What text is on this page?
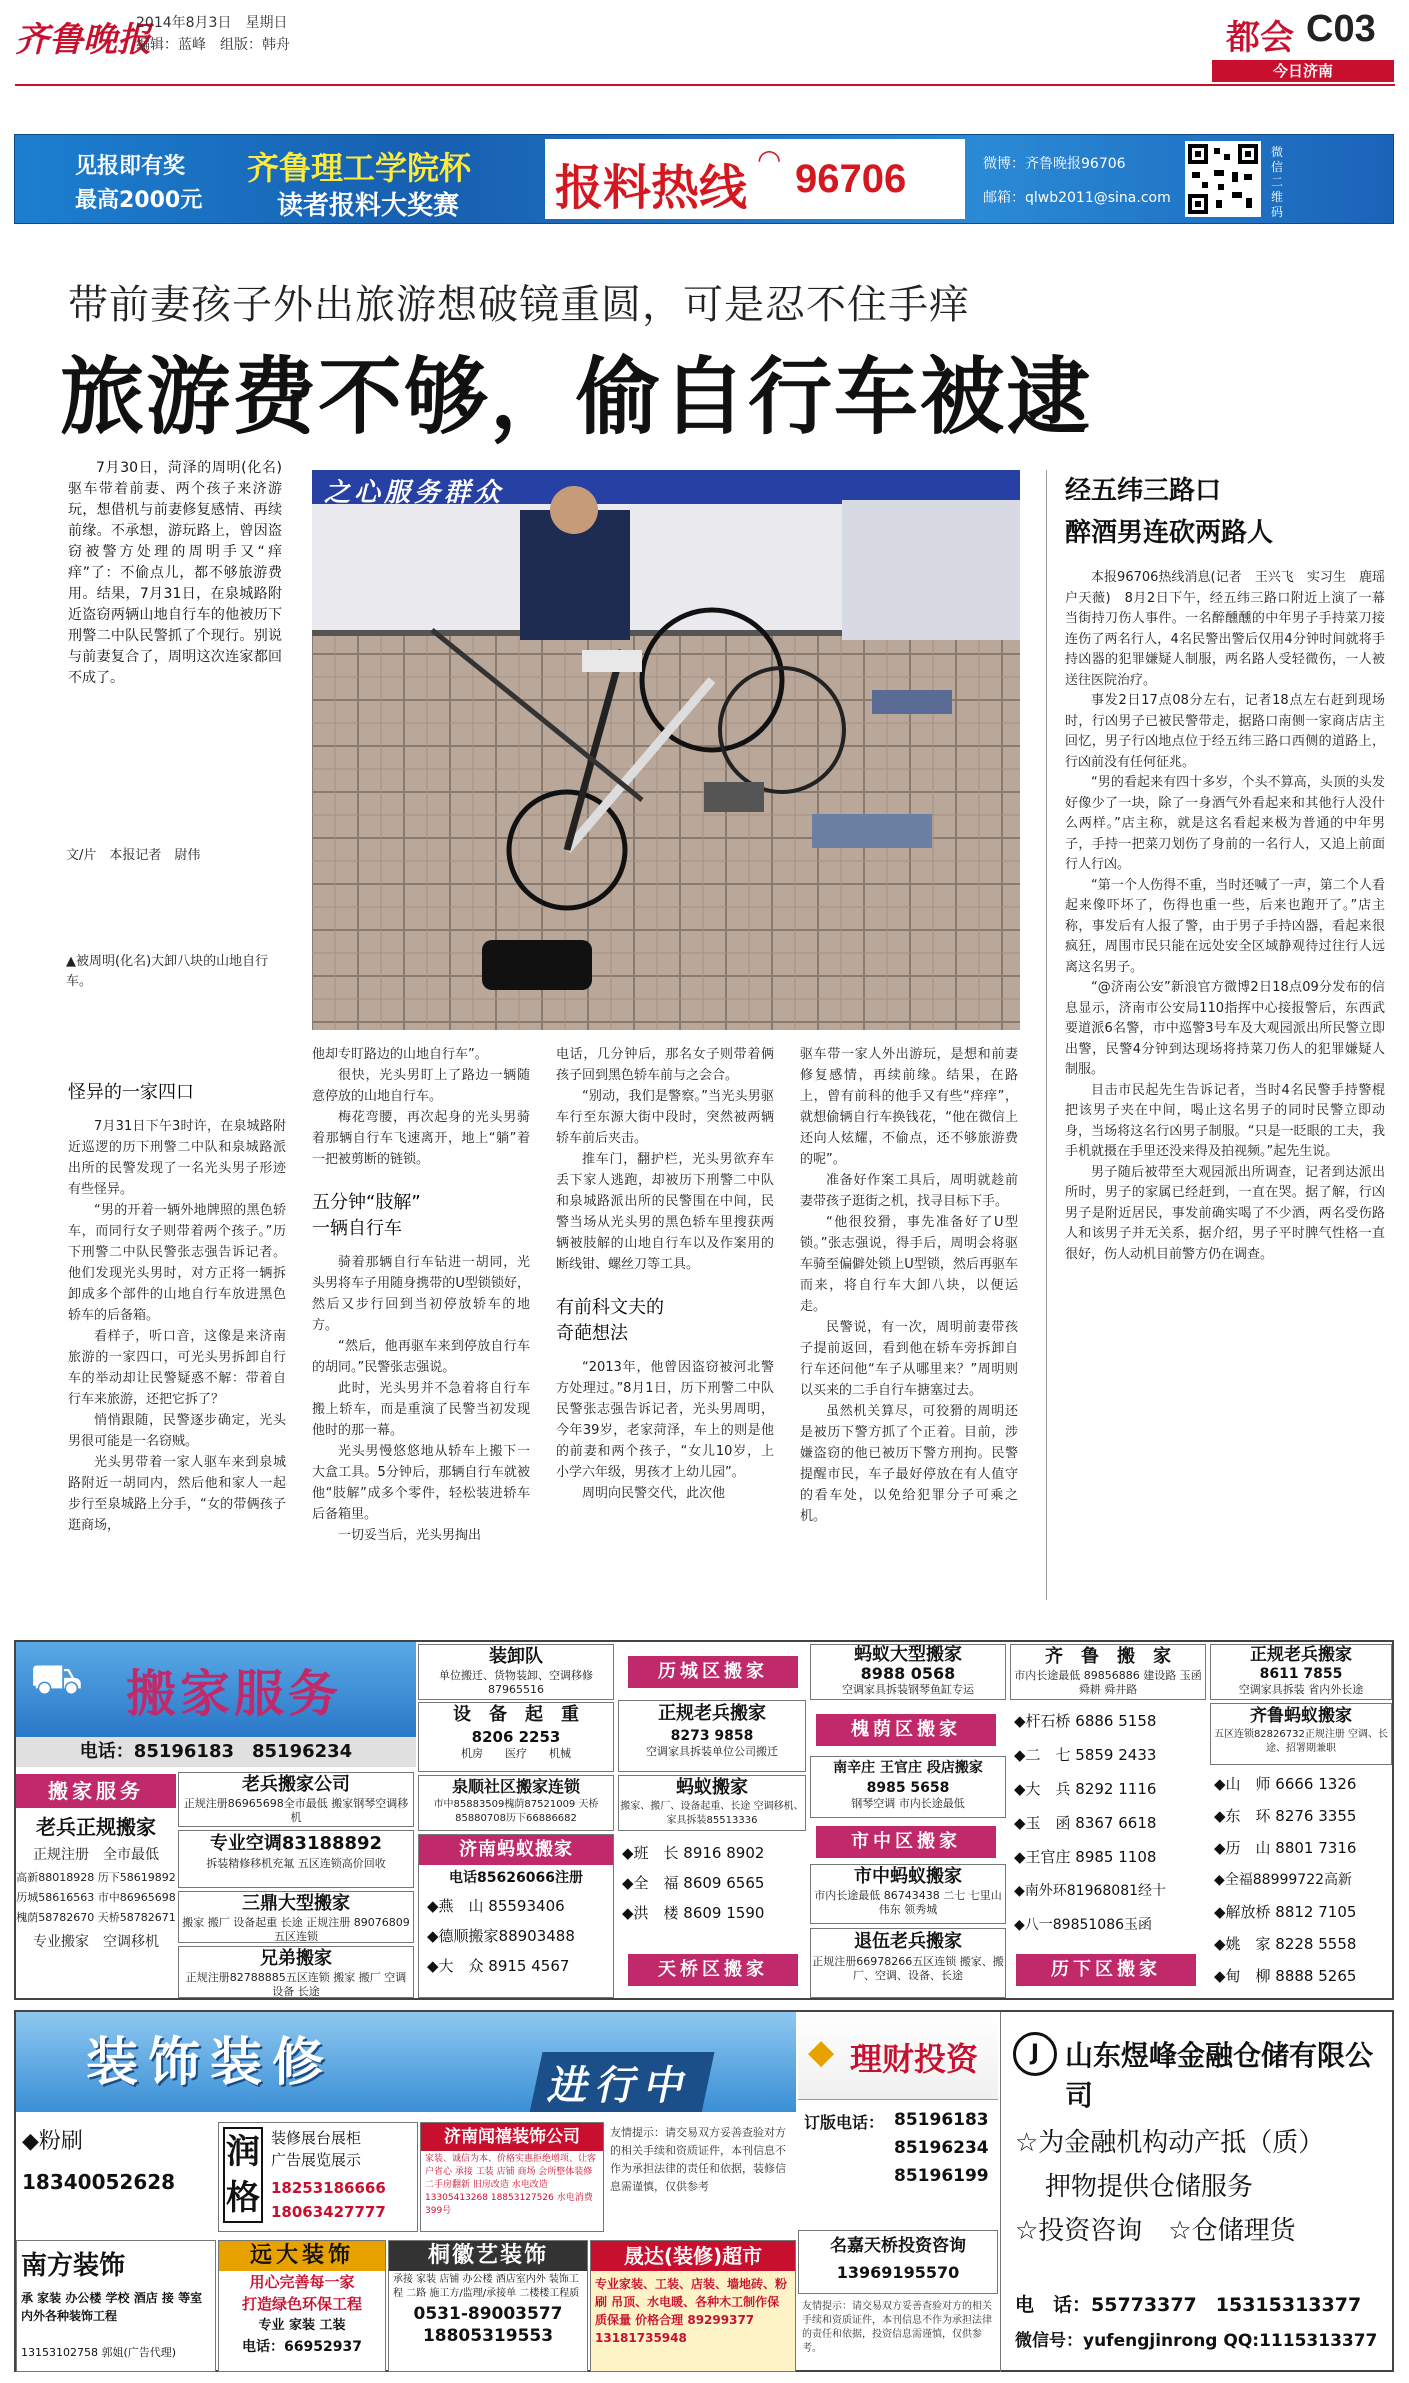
齐鲁晚报
2014年8月3日　星期日
编辑：蓝峰　组版：韩舟	都会 C03
今日济南
见报即有奖
最高2000元
齐鲁理工学院杯
读者报料大奖赛 报料热线
◠ 96706	微博：齐鲁晚报96706
邮箱：qlwb2011@sina.com
微信二维码
带前妻孩子外出旅游想破镜重圆，可是忍不住手痒
旅游费不够，偷自行车被逮
7月30日，菏泽的周明(化名)驱车带着前妻、两个孩子来济游玩，想借机与前妻修复感情、再续前缘。不承想，游玩路上，曾因盗窃被警方处理的周明手又“痒痒”了：不偷点儿，都不够旅游费用。结果，7月31日，在泉城路附近盗窃两辆山地自行车的他被历下刑警二中队民警抓了个现行。别说与前妻复合了，周明这次连家都回不成了。
文/片　本报记者　尉伟
▲被周明(化名)大卸八块的山地自行车。
之心服务群众
怪异的一家四口

7月31日下午3时许，在泉城路附近巡逻的历下刑警二中队和泉城路派出所的民警发现了一名光头男子形迹有些怪异。

“男的开着一辆外地牌照的黑色轿车，而同行女子则带着两个孩子。”历下刑警二中队民警张志强告诉记者。他们发现光头男时，对方正将一辆拆卸成多个部件的山地自行车放进黑色轿车的后备箱。

看样子，听口音，这像是来济南旅游的一家四口，可光头男拆卸自行车的举动却让民警疑惑不解：带着自行车来旅游，还把它拆了？

悄悄跟随，民警逐步确定，光头男很可能是一名窃贼。

光头男带着一家人驱车来到泉城路附近一胡同内，然后他和家人一起步行至泉城路上分手，“女的带俩孩子逛商场，

他却专盯路边的山地自行车”。

很快，光头男盯上了路边一辆随意停放的山地自行车。

梅花弯腰，再次起身的光头男骑着那辆自行车飞速离开，地上“躺”着一把被剪断的链锁。

五分钟“肢解”
一辆自行车

骑着那辆自行车钻进一胡同，光头男将车子用随身携带的U型锁锁好，然后又步行回到当初停放轿车的地方。

“然后，他再驱车来到停放自行车的胡同。”民警张志强说。

此时，光头男并不急着将自行车搬上轿车，而是重演了民警当初发现他时的那一幕。

光头男慢悠悠地从轿车上搬下一大盒工具。5分钟后，那辆自行车就被他“肢解”成多个零件，轻松装进轿车后备箱里。

一切妥当后，光头男掏出

电话，几分钟后，那名女子则带着俩孩子回到黑色轿车前与之会合。

“别动，我们是警察。”当光头男驱车行至东源大街中段时，突然被两辆轿车前后夹击。

推车门，翻护栏，光头男欲弃车丢下家人逃跑，却被历下刑警二中队和泉城路派出所的民警围在中间，民警当场从光头男的黑色轿车里搜获两辆被肢解的山地自行车以及作案用的断线钳、螺丝刀等工具。

有前科文夫的
奇葩想法

“2013年，他曾因盗窃被河北警方处理过。”8月1日，历下刑警二中队民警张志强告诉记者，光头男周明，今年39岁，老家菏泽，车上的则是他的前妻和两个孩子，“女儿10岁，上小学六年级，男孩才上幼儿园”。

周明向民警交代，此次他

驱车带一家人外出游玩，是想和前妻修复感情，再续前缘。结果，在路上，曾有前科的他手又有些“痒痒”，就想偷辆自行车换钱花，“他在微信上还向人炫耀，不偷点，还不够旅游费的呢”。

准备好作案工具后，周明就趁前妻带孩子逛街之机，找寻目标下手。

“他很狡猾，事先准备好了U型锁。”张志强说，得手后，周明会将驱车骑至偏僻处锁上U型锁，然后再驱车而来，将自行车大卸八块，以便运走。

民警说，有一次，周明前妻带孩子提前返回，看到他在轿车旁拆卸自行车还问他“车子从哪里来？”周明则以买来的二手自行车搪塞过去。

虽然机关算尽，可狡猾的周明还是被历下警方抓了个正着。目前，涉嫌盗窃的他已被历下警方刑拘。民警提醒市民，车子最好停放在有人值守的看车处，以免给犯罪分子可乘之机。

经五纬三路口
醉酒男连砍两路人

本报96706热线消息(记者　王兴飞　实习生　鹿瑶　户天薇)　8月2日下午，经五纬三路口附近上演了一幕当街持刀伤人事件。一名醉醺醺的中年男子手持菜刀接连伤了两名行人，4名民警出警后仅用4分钟时间就将手持凶器的犯罪嫌疑人制服，两名路人受轻微伤，一人被送往医院治疗。

事发2日17点08分左右，记者18点左右赶到现场时，行凶男子已被民警带走，据路口南侧一家商店店主回忆，男子行凶地点位于经五纬三路口西侧的道路上，行凶前没有任何征兆。

“男的看起来有四十多岁，个头不算高，头顶的头发好像少了一块，除了一身酒气外看起来和其他行人没什么两样。”店主称，就是这名看起来极为普通的中年男子，手持一把菜刀划伤了身前的一名行人，又追上前面行人行凶。

“第一个人伤得不重，当时还喊了一声，第二个人看起来像吓坏了，伤得也重一些，后来也跑开了。”店主称，事发后有人报了警，由于男子手持凶器，看起来很疯狂，周围市民只能在远处安全区域静观待过往行人远离这名男子。

“@济南公安”新浪官方微博2日18点09分发布的信息显示，济南市公安局110指挥中心接报警后，东西武要道派6名警，市中巡警3号车及大观园派出所民警立即出警，民警4分钟到达现场将持菜刀伤人的犯罪嫌疑人制服。

目击市民起先生告诉记者，当时4名民警手持警棍把该男子夹在中间，喝止这名男子的同时民警立即动身，当场将这名行凶男子制服。“只是一眨眼的工夫，我手机就摄在手里还没来得及拍视频。”起先生说。

男子随后被带至大观园派出所调查，记者到达派出所时，男子的家属已经赶到，一直在哭。据了解，行凶男子是附近居民，事发前确实喝了不少酒，两名受伤路人和该男子并无关系，据介绍，男子平时脾气性格一直很好，伤人动机目前警方仍在调查。

⛟ 搬家服务
电话：85196183　85196234
搬家服务
老兵正规搬家
正规注册　全市最低
高新88018928 历下58619892
历城58616563 市中86965698
槐荫58782670 天桥58782671
专业搬家　空调移机
老兵搬家公司
正规注册86965698全市最低 搬家钢琴空调移机
专业空调83188892
拆装精修移机充氟 五区连锁高价回收
三鼎大型搬家
搬家 搬厂 设备起重 长途 正规注册 89076809五区连锁
兄弟搬家
正规注册82788885五区连锁 搬家 搬厂 空调 设备 长途
装卸队
单位搬迁、货物装卸、空调移修87965516
设　备　起　重
8206 2253
机房　　医疗　　机械
泉顺社区搬家连锁
市中85883509槐荫87521009 天桥85880708历下66886682
济南蚂蚁搬家
电话85626066注册
◆燕　山 85593406
◆德顺搬家88903488
◆大　众 8915 4567
历城区搬家
正规老兵搬家
8273 9858
空调家具拆装单位公司搬迁
蚂蚁搬家
搬家、搬厂、设备起重、长途 空调移机、家具拆装85513336
◆班　长 8916 8902
◆全　福 8609 6565
◆洪　楼 8609 1590
天桥区搬家
蚂蚁大型搬家
8988 0568
空调家具拆装钢琴鱼缸专运
槐荫区搬家
南辛庄 王官庄 段店搬家
8985 5658
钢琴空调 市内长途最低
市中区搬家
市中蚂蚁搬家
市内长途最低 86743438 二七 七里山 伟东 领秀城
退伍老兵搬家
正规注册66978266五区连锁 搬家、搬厂、空调、设备、长途
齐　鲁　搬　家
市内长途最低 89856886 建设路 玉函 舜耕 舜井路
◆杆石桥 6886 5158
◆二　七 5859 2433
◆大　兵 8292 1116
◆玉　函 8367 6618
◆王官庄 8985 1108
◆南外环81968081经十
◆八一89851086玉函
历下区搬家
正规老兵搬家
8611 7855
空调家具拆装 省内外长途
齐鲁蚂蚁搬家
五区连锁82826732正规注册 空调、长途、招署期兼职
◆山　师 6666 1326
◆东　环 8276 3355
◆历　山 8801 7316
◆全福88999722高新
◆解放桥 8812 7105
◆姚　家 8228 5558
◆甸　柳 8888 5265
装饰装修	进行中
◆粉刷
18340052628
润格
装修展台展柜
广告展览展示
18253186666
18063427777
济南闻禧装饰公司
家装、诚信为本、价格实惠拒绝增项、让客户省心 承接 工装 店铺 商场 会所整体装修 二手房翻新 旧房改造 水电改造 13305413268 18853127526 水电消费399号
友情提示：请交易双方妥善查验对方的相关手续和资质证件，本刊信息不作为承担法律的责任和依据，装修信息需谨慎，仅供参考
南方装饰
承 家装 办公楼 学校 酒店 接 等室内外各种装饰工程
13153102758 郭姐(广告代理)
远大装饰
用心完善每一家
打造绿色环保工程
专业 家装 工装
电话：66952937
桐徽艺装饰
承接 家装 店铺 办公楼 酒店室内外 装饰工程 二路 施工方/监理/承接单 二楼楼工程质
0531-89003577
18805319553
晟达(装修)超市
专业家装、工装、店装、墙地砖、粉刷 吊顶、水电暖、各种木工制作保质保量 价格合理 89299377 13181735948
◆ 理财投资
订版电话： 85196183
85196234
85196199
名嘉天桥投资咨询
13969195570
友情提示：请交易双方妥善查验对方的相关手续和资质证件，本刊信息不作为承担法律的责任和依据，投资信息需谨慎，仅供参考。
J 山东煜峰金融仓储有限公司
☆为金融机构动产抵（质）
押物提供仓储服务
☆投资咨询　☆仓储理货
电　话：55773377　15315313377
微信号：yufengjinrong QQ:1115313377
